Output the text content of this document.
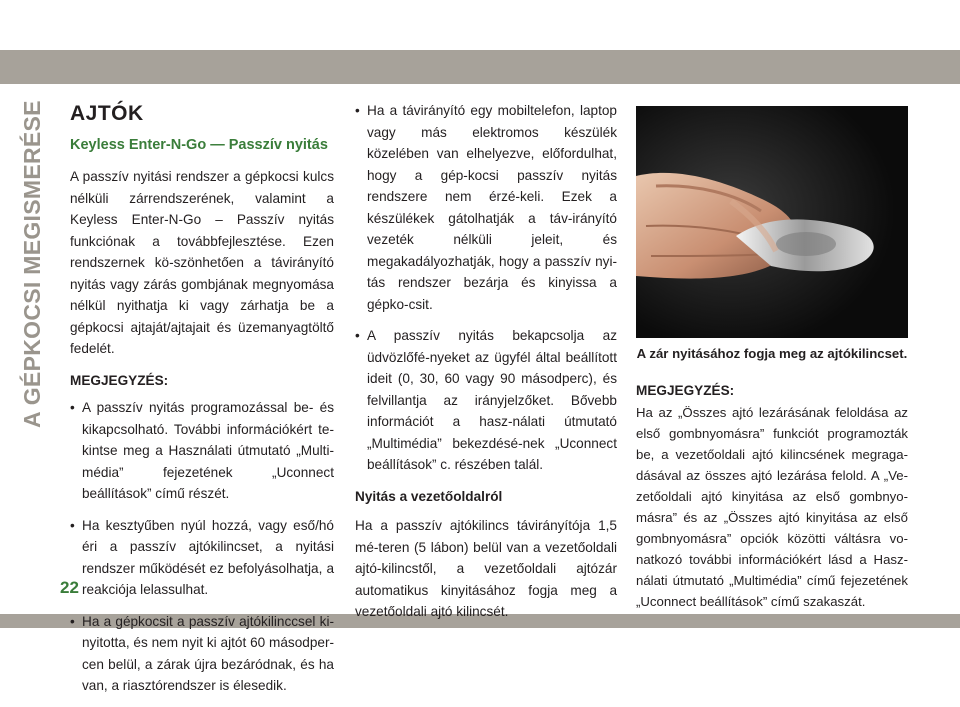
A GÉPKOCSI MEGISMERÉSE
22
AJTÓK
Keyless Enter-N-Go — Passzív nyitás

A passzív nyitási rendszer a gépkocsi kulcs nélküli zárrendszerének, valamint a Keyless Enter-N-Go – Passzív nyitás funkciónak a továbbfejlesztése. Ezen rendszernek kö-szönhetően a távirányító nyitás vagy zárás gombjának megnyomása nélkül nyithatja ki vagy zárhatja be a gépkocsi ajtaját/ajtajait és üzemanyagtöltő fedelét.

MEGJEGYZÉS:
• A passzív nyitás programozással be- és kikapcsolható. További információkért te-kintse meg a Használati útmutató „Multi-média” fejezetének „Uconnect beállítások” című részét.
• Ha kesztyűben nyúl hozzá, vagy eső/hó éri a passzív ajtókilincset, a nyitási rendszer működését ez befolyásolhatja, a reakciója lelassulhat.
• Ha a gépkocsit a passzív ajtókilinccsel ki-nyitotta, és nem nyit ki ajtót 60 másodper-cen belül, a zárak újra bezáródnak, és ha van, a riasztórendszer is élesedik.
• Ha a távirányító egy mobiltelefon, laptop vagy más elektromos készülék közelében van elhelyezve, előfordulhat, hogy a gép-kocsi passzív nyitás rendszere nem érzé-keli. Ezek a készülékek gátolhatják a táv-irányító vezeték nélküli jeleit, és megakadályozhatják, hogy a passzív nyi-tás rendszer bezárja és kinyissa a gépko-csit.
• A passzív nyitás bekapcsolja az üdvözlőfé-nyeket az ügyfél által beállított ideit (0, 30, 60 vagy 90 másodperc), és felvillantja az irányjelzőket. Bővebb információt a hasz-nálati útmutató „Multimédia” bekezdésé-nek „Uconnect beállítások” c. részében talál.
Nyitás a vezetőoldalról

Ha a passzív ajtókilincs távirányítója 1,5 mé-teren (5 lábon) belül van a vezetőoldali ajtó-kilincstől, a vezetőoldali ajtózár automatikus kinyitásához fogja meg a vezetőoldali ajtó kilincsét.

A zár nyitásához fogja meg az ajtókilincset.
MEGJEGYZÉS:

Ha az „Összes ajtó lezárásának feloldása az első gombnyomásra” funkciót programozták be, a vezetőoldali ajtó kilincsének megraga-dásával az összes ajtó lezárása felold. A „Ve-zetőoldali ajtó kinyitása az első gombnyo-másra” és az „Összes ajtó kinyitása az első gombnyomásra” opciók közötti váltásra vo-natkozó további információkért lásd a Hasz-nálati útmutató „Multimédia” című fejezetének „Uconnect beállítások” című szakaszát.
